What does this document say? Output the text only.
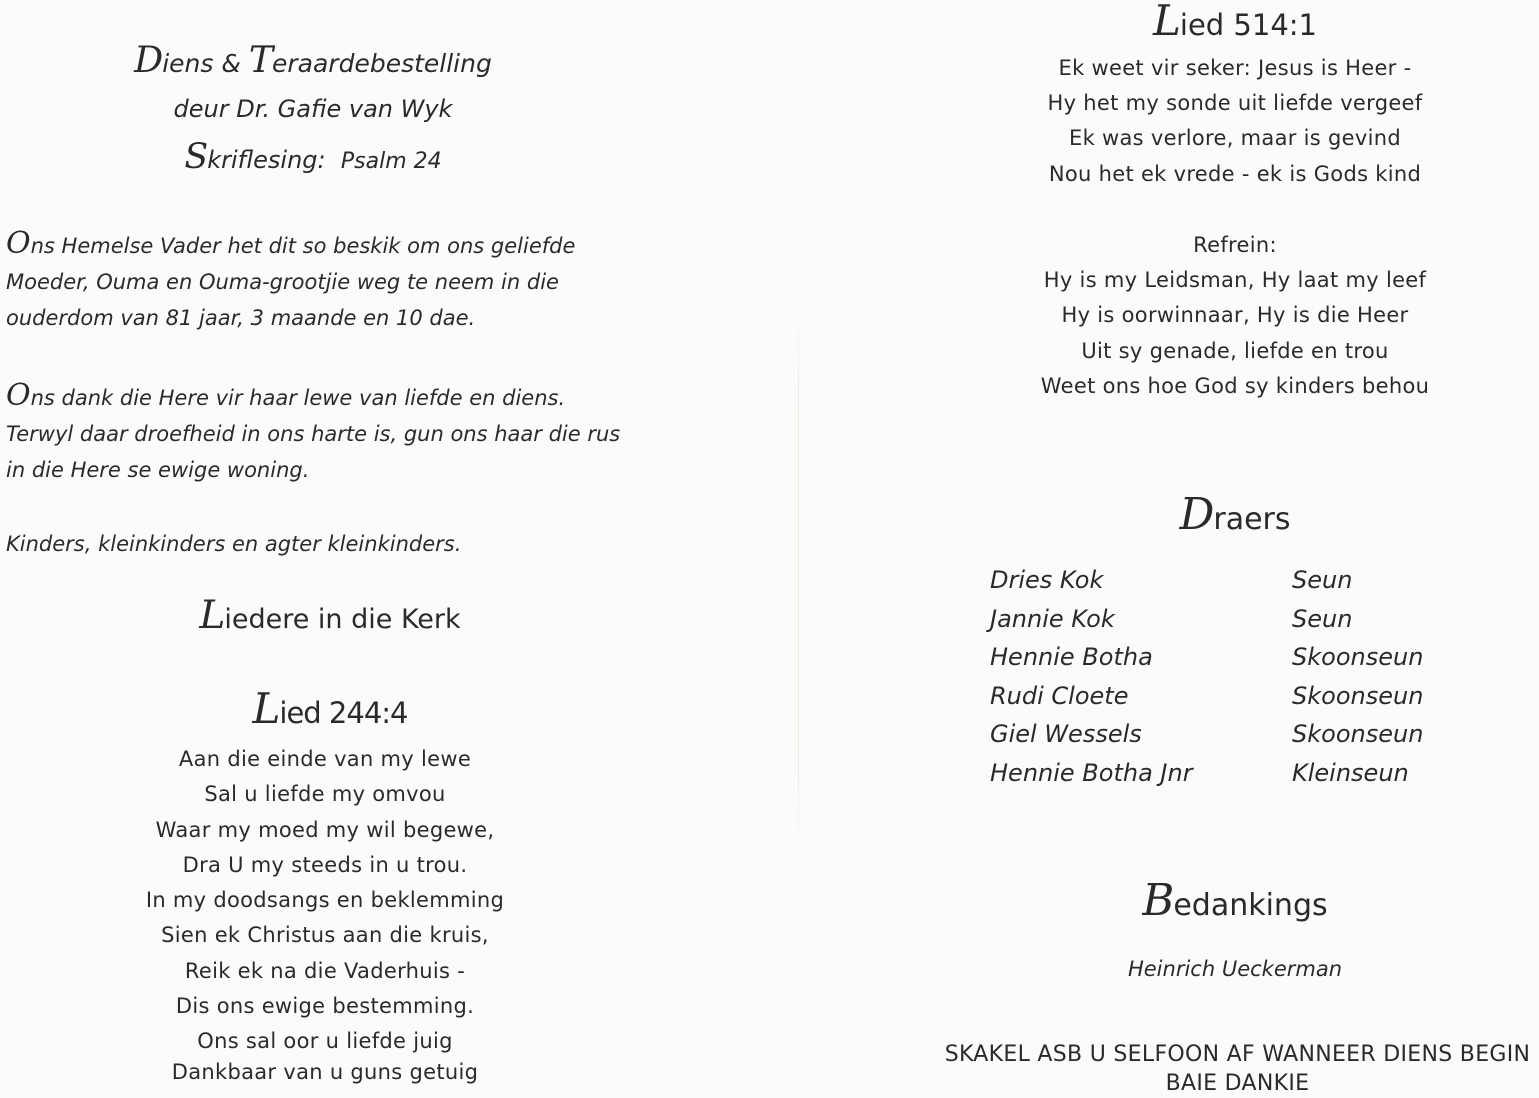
Diens & Teraardebestelling
deur Dr. Gafie van Wyk
Skriflesing: Psalm 24
Ons Hemelse Vader het dit so beskik om ons geliefde
Moeder, Ouma en Ouma-grootjie weg te neem in die
ouderdom van 81 jaar, 3 maande en 10 dae.
Ons dank die Here vir haar lewe van liefde en diens.
Terwyl daar droefheid in ons harte is, gun ons haar die rus
in die Here se ewige woning.
Kinders, kleinkinders en agter kleinkinders.
Liedere in die Kerk
Lied 244:4
Aan die einde van my lewe
Sal u liefde my omvou
Waar my moed my wil begewe,
Dra U my steeds in u trou.
In my doodsangs en beklemming
Sien ek Christus aan die kruis,
Reik ek na die Vaderhuis -
Dis ons ewige bestemming.
Ons sal oor u liefde juig
Dankbaar van u guns getuig
Lied 514:1
Ek weet vir seker: Jesus is Heer -
Hy het my sonde uit liefde vergeef
Ek was verlore, maar is gevind
Nou het ek vrede - ek is Gods kind
Refrein:
Hy is my Leidsman, Hy laat my leef
Hy is oorwinnaar, Hy is die Heer
Uit sy genade, liefde en trou
Weet ons hoe God sy kinders behou
Draers
Dries Kok	Seun
Jannie Kok	Seun
Hennie Botha	Skoonseun
Rudi Cloete	Skoonseun
Giel Wessels	Skoonseun
Hennie Botha Jnr	Kleinseun
Bedankings
Heinrich Ueckerman
SKAKEL ASB U SELFOON AF WANNEER DIENS BEGIN
BAIE DANKIE
